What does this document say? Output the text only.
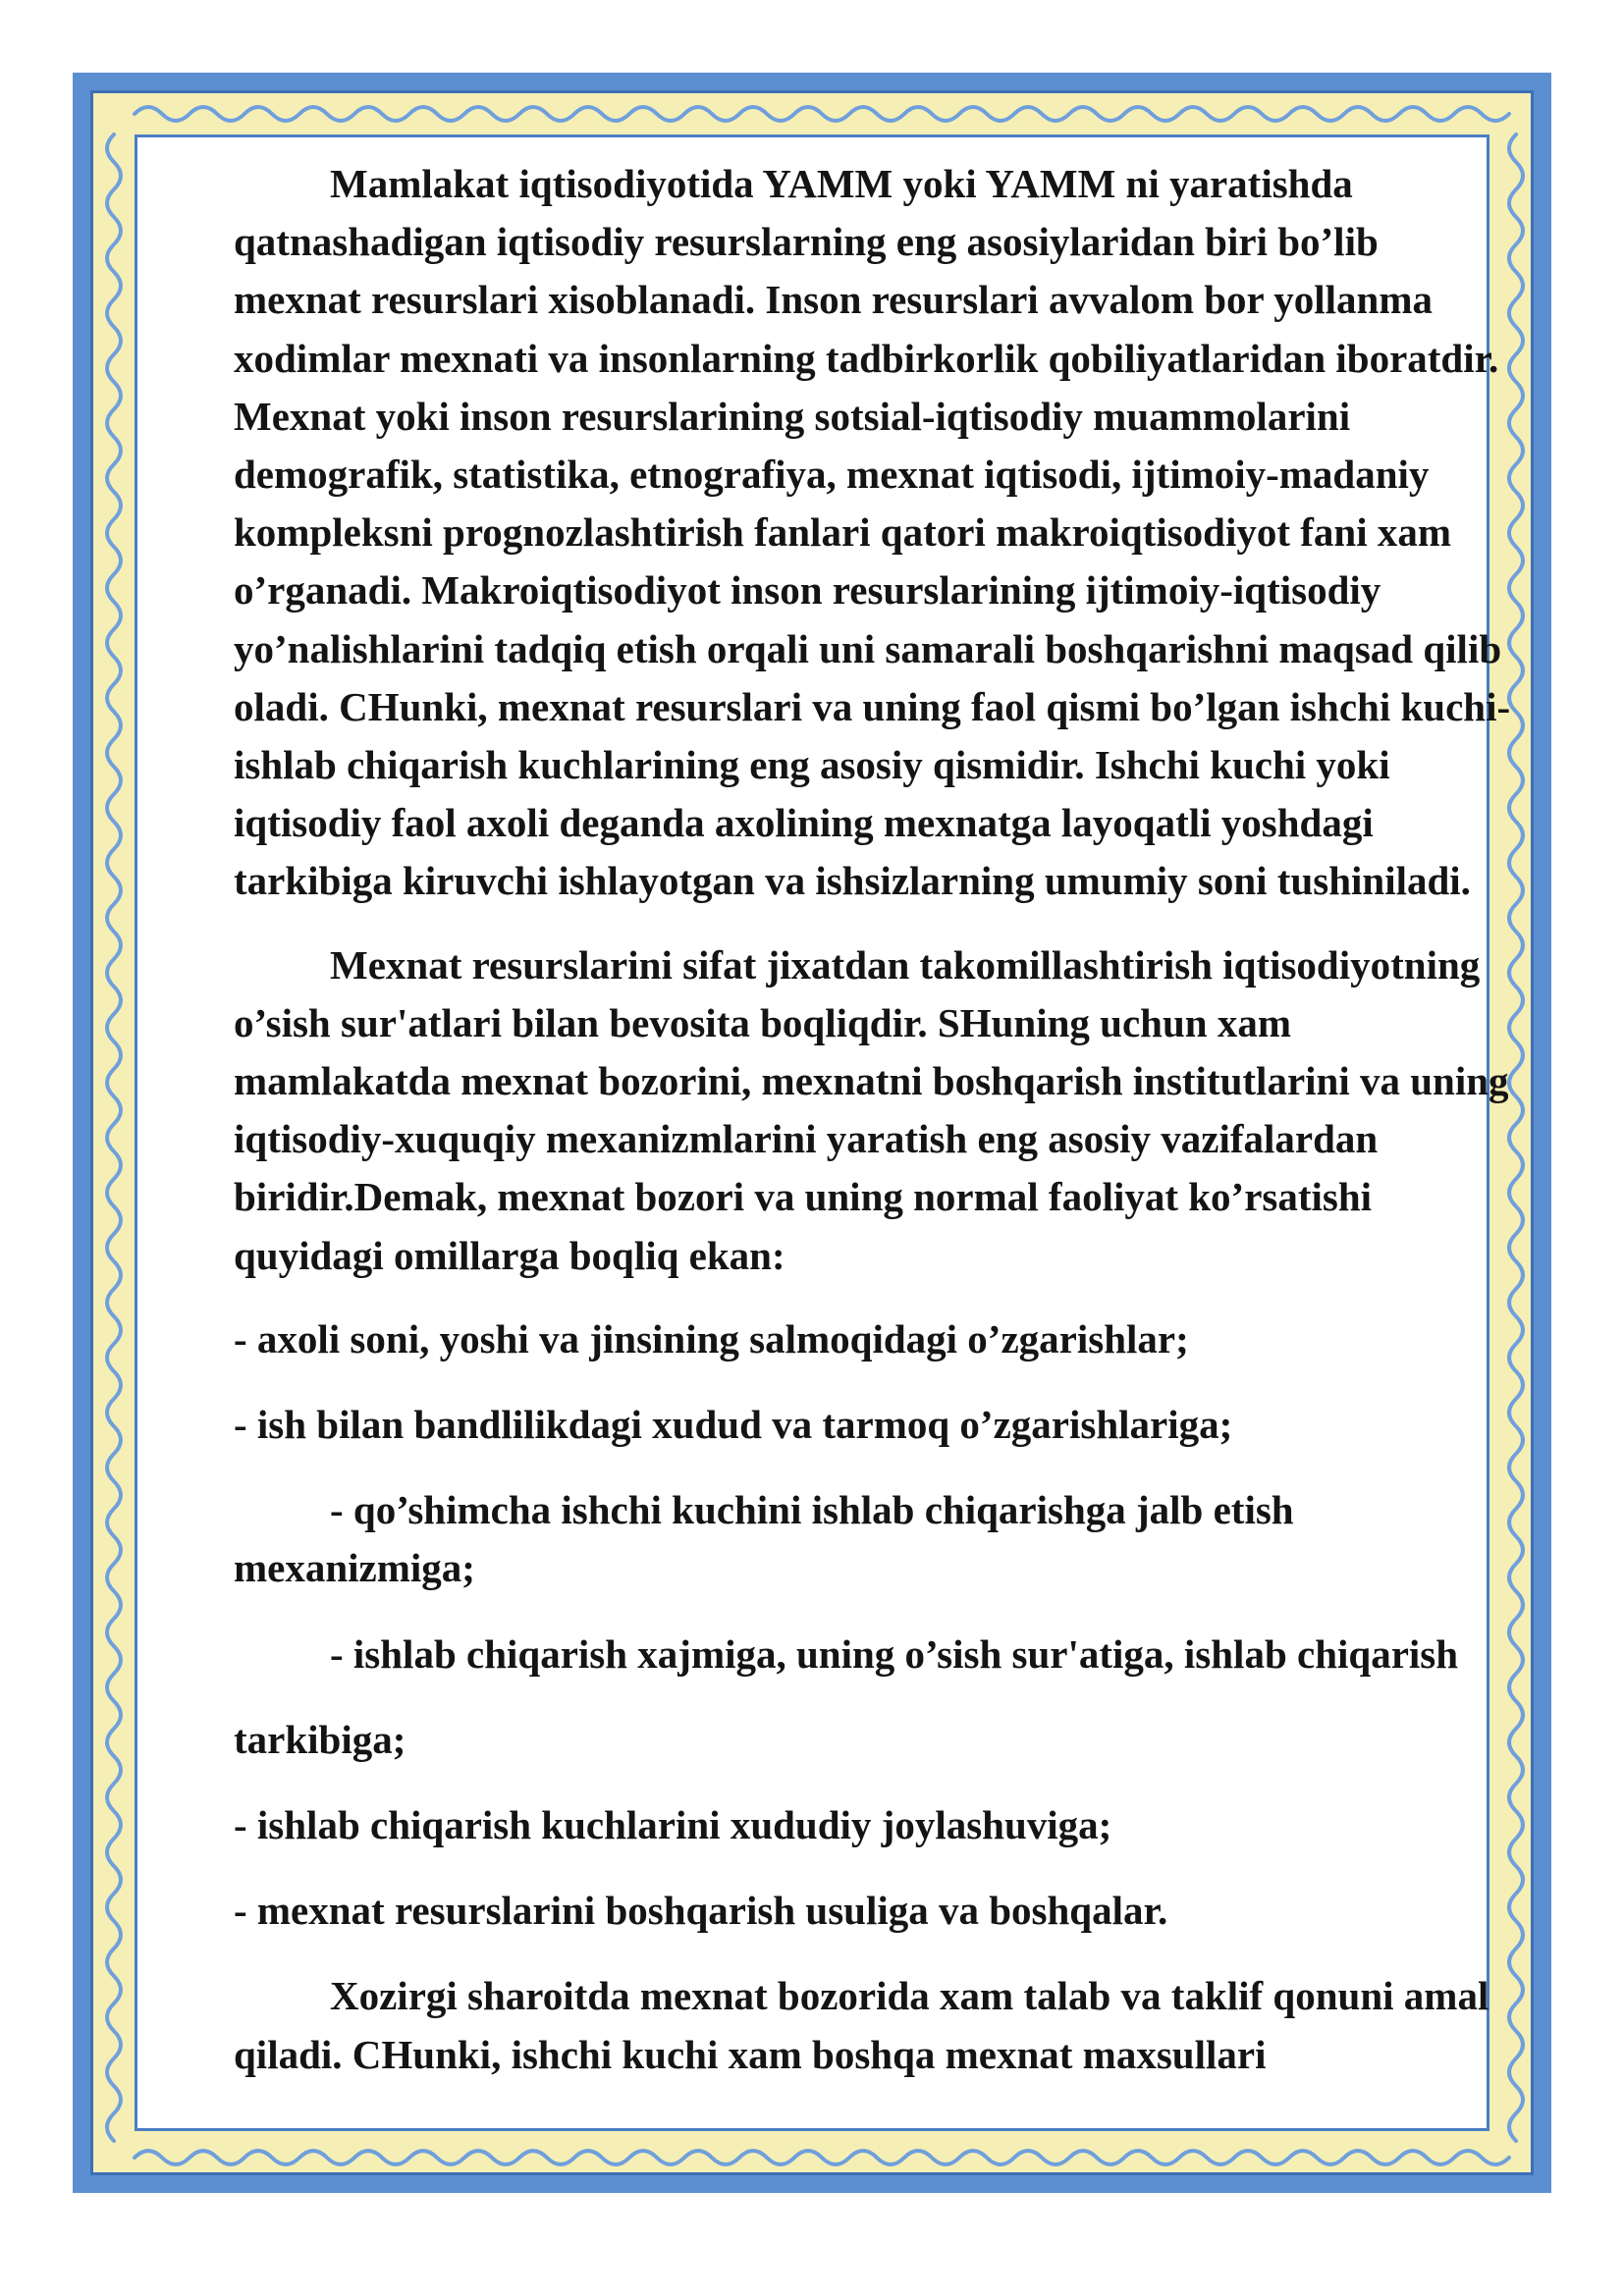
Mamlakat iqtisodiyotida YAMM yoki YAMM ni yaratishda qatnashadigan iqtisodiy resurslarning eng asosiylaridan biri bo’lib mexnat resurslari xisoblanadi. Inson resurslari avvalom bor yollanma xodimlar mexnati va insonlarning tadbirkorlik qobiliyatlaridan iboratdir. Mexnat yoki inson resurslarining sotsial-iqtisodiy muammolarini demografik, statistika, etnografiya, mexnat iqtisodi, ijtimoiy-madaniy kompleksni prognozlashtirish fanlari qatori makroiqtisodiyot fani xam o’rganadi. Makroiqtisodiyot inson resurslarining ijtimoiy-iqtisodiy yo’nalishlarini tadqiq etish orqali uni samarali boshqarishni maqsad qilib oladi. CHunki, mexnat resurslari va uning faol qismi bo’lgan ishchi kuchi-ishlab chiqarish kuchlarining eng asosiy qismidir. Ishchi kuchi yoki iqtisodiy faol axoli deganda axolining mexnatga layoqatli yoshdagi tarkibiga kiruvchi ishlayotgan va ishsizlarning umumiy soni tushiniladi.

Mexnat resurslarini sifat jixatdan takomillashtirish iqtisodiyotning o’sish sur'atlari bilan bevosita boqliqdir. SHuning uchun xam mamlakatda mexnat bozorini, mexnatni boshqarish institutlarini va uning iqtisodiy-xuquqiy mexanizmlarini yaratish eng asosiy vazifalardan biridir.Demak, mexnat bozori va uning normal faoliyat ko’rsatishi quyidagi omillarga boqliq ekan:

- axoli soni, yoshi va jinsining salmoqidagi o’zgarishlar;

- ish bilan bandlilikdagi xudud va tarmoq o’zgarishlariga;

- qo’shimcha ishchi kuchini ishlab chiqarishga jalb etish mexanizmiga;

- ishlab chiqarish xajmiga, uning o’sish sur'atiga, ishlab chiqarish

tarkibiga;

- ishlab chiqarish kuchlarini xududiy joylashuviga;

- mexnat resurslarini boshqarish usuliga va boshqalar.

Xozirgi sharoitda mexnat bozorida xam talab va taklif qonuni amal qiladi. CHunki, ishchi kuchi xam boshqa mexnat maxsullari
